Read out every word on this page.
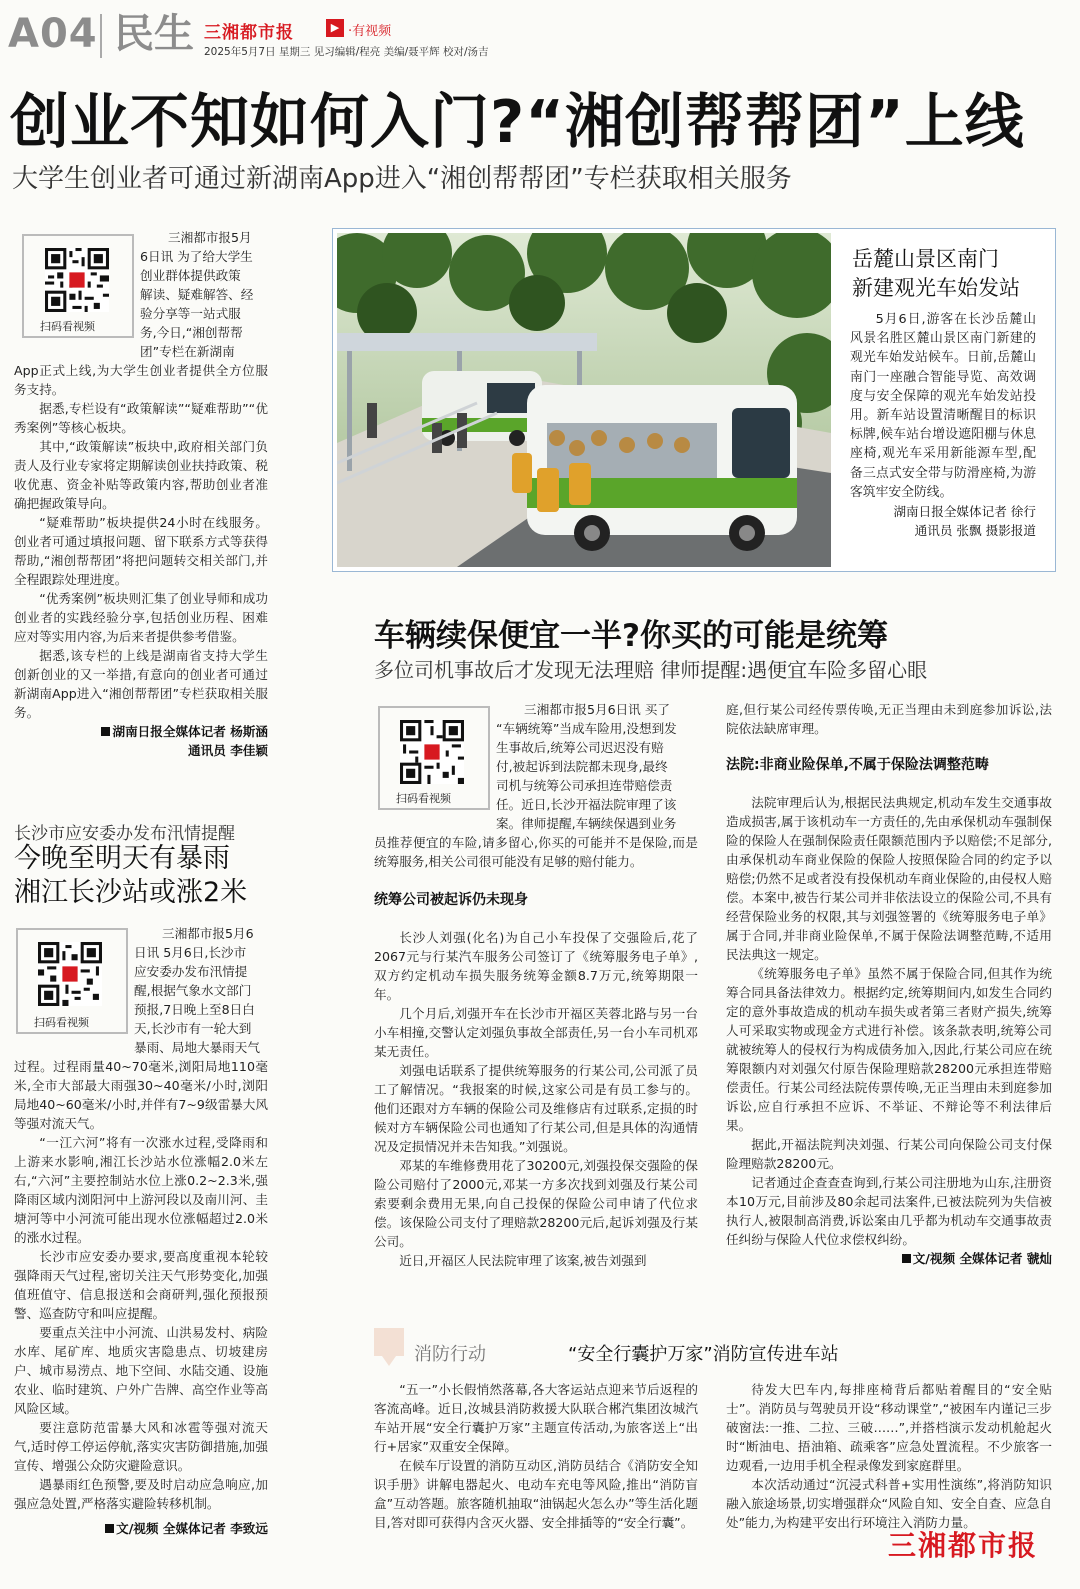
A04 民生 三湘都市报	▶ ·有视频
2025年5月7日 星期三 见习编辑/程亮 美编/聂平辉 校对/汤吉
创业不知如何入门?“湘创帮帮团”上线
大学生创业者可通过新湖南App进入“湘创帮帮团”专栏获取相关服务
扫码看视频
三湘都市报5月
6日讯 为了给大学生
创业群体提供政策
解读、疑难解答、经
验分享等一站式服
务,今日,“湘创帮帮
团”专栏在新湖南
App正式上线,为大学生创业者提供全方位服务支持。

据悉,专栏设有“政策解读”“疑难帮助”“优秀案例”等核心板块。

其中,“政策解读”板块中,政府相关部门负责人及行业专家将定期解读创业扶持政策、税收优惠、资金补贴等政策内容,帮助创业者准确把握政策导向。

“疑难帮助”板块提供24小时在线服务。创业者可通过填报问题、留下联系方式等获得帮助,“湘创帮帮团”将把问题转交相关部门,并全程跟踪处理进度。

“优秀案例”板块则汇集了创业导师和成功创业者的实践经验分享,包括创业历程、困难应对等实用内容,为后来者提供参考借鉴。

据悉,该专栏的上线是湖南省支持大学生创新创业的又一举措,有意向的创业者可通过新湖南App进入“湘创帮帮团”专栏获取相关服务。

湖南日报全媒体记者 杨斯涵
通讯员 李佳颖
岳麓山景区南门
新建观光车始发站

5月6日,游客在长沙岳麓山风景名胜区麓山景区南门新建的观光车始发站候车。日前,岳麓山南门一座融合智能导览、高效调度与安全保障的观光车始发站投用。新车站设置清晰醒目的标识标牌,候车站台增设遮阳棚与休息座椅,观光车采用新能源车型,配备三点式安全带与防滑座椅,为游客筑牢安全防线。

湖南日报全媒体记者 徐行
通讯员 张飘 摄影报道
长沙市应安委办发布汛情提醒
今晚至明天有暴雨
湘江长沙站或涨2米
扫码看视频
三湘都市报5月6
日讯 5月6日,长沙市
应安委办发布汛情提
醒,根据气象水文部门
预报,7日晚上至8日白
天,长沙市有一轮大到
暴雨、局地大暴雨天气
过程。过程雨量40~70毫米,浏阳局地110毫米,全市大部最大雨强30~40毫米/小时,浏阳局地40~60毫米/小时,并伴有7~9级雷暴大风等强对流天气。

“一江六河”将有一次涨水过程,受降雨和上游来水影响,湘江长沙站水位涨幅2.0米左右,“六河”主要控制站水位上涨0.2~2.3米,强降雨区域内浏阳河中上游河段以及南川河、圭塘河等中小河流可能出现水位涨幅超过2.0米的涨水过程。

长沙市应安委办要求,要高度重视本轮较强降雨天气过程,密切关注天气形势变化,加强值班值守、信息报送和会商研判,强化预报预警、巡查防守和叫应提醒。

要重点关注中小河流、山洪易发村、病险水库、尾矿库、地质灾害隐患点、切坡建房户、城市易涝点、地下空间、水陆交通、设施农业、临时建筑、户外广告牌、高空作业等高风险区域。

要注意防范雷暴大风和冰雹等强对流天气,适时停工停运停航,落实灾害防御措施,加强宣传、增强公众防灾避险意识。

遇暴雨红色预警,要及时启动应急响应,加强应急处置,严格落实避险转移机制。

文/视频 全媒体记者 李致远
车辆续保便宜一半?你买的可能是统筹
多位司机事故后才发现无法理赔 律师提醒:遇便宜车险多留心眼
扫码看视频
三湘都市报5月6日讯 买了
“车辆统筹”当成车险用,没想到发
生事故后,统筹公司迟迟没有赔
付,被起诉到法院都未现身,最终
司机与统筹公司承担连带赔偿责
任。近日,长沙开福法院审理了该
案。律师提醒,车辆续保遇到业务
员推荐便宜的车险,请多留心,你买的可能并不是保险,而是统筹服务,相关公司很可能没有足够的赔付能力。
统筹公司被起诉仍未现身

长沙人刘强(化名)为自己小车投保了交强险后,花了2067元与行某汽车服务公司签订了《统筹服务电子单》,双方约定机动车损失服务统筹金额8.7万元,统筹期限一年。

几个月后,刘强开车在长沙市开福区芙蓉北路与另一台小车相撞,交警认定刘强负事故全部责任,另一台小车司机邓某无责任。

刘强电话联系了提供统筹服务的行某公司,公司派了员工了解情况。“我报案的时候,这家公司是有员工参与的。他们还跟对方车辆的保险公司及维修店有过联系,定损的时候对方车辆保险公司也通知了行某公司,但是具体的沟通情况及定损情况并未告知我。”刘强说。

邓某的车维修费用花了30200元,刘强投保交强险的保险公司赔付了2000元,邓某一方多次找到刘强及行某公司索要剩余费用无果,向自己投保的保险公司申请了代位求偿。该保险公司支付了理赔款28200元后,起诉刘强及行某公司。

近日,开福区人民法院审理了该案,被告刘强到

庭,但行某公司经传票传唤,无正当理由未到庭参加诉讼,法院依法缺席审理。
法院:非商业险保单,不属于保险法调整范畴

法院审理后认为,根据民法典规定,机动车发生交通事故造成损害,属于该机动车一方责任的,先由承保机动车强制保险的保险人在强制保险责任限额范围内予以赔偿;不足部分,由承保机动车商业保险的保险人按照保险合同的约定予以赔偿;仍然不足或者没有投保机动车商业保险的,由侵权人赔偿。本案中,被告行某公司并非依法设立的保险公司,不具有经营保险业务的权限,其与刘强签署的《统筹服务电子单》属于合同,并非商业险保单,不属于保险法调整范畴,不适用民法典这一规定。

《统筹服务电子单》虽然不属于保险合同,但其作为统筹合同具备法律效力。根据约定,统筹期间内,如发生合同约定的意外事故造成的机动车损失或者第三者财产损失,统筹人可采取实物或现金方式进行补偿。该条款表明,统筹公司就被统筹人的侵权行为构成债务加入,因此,行某公司应在统筹限额内对刘强欠付原告保险理赔款28200元承担连带赔偿责任。行某公司经法院传票传唤,无正当理由未到庭参加诉讼,应自行承担不应诉、不举证、不辩论等不利法律后果。

据此,开福法院判决刘强、行某公司向保险公司支付保险理赔款28200元。

记者通过企查查查询到,行某公司注册地为山东,注册资本10万元,目前涉及80余起司法案件,已被法院列为失信被执行人,被限制高消费,诉讼案由几乎都为机动车交通事故责任纠纷与保险人代位求偿权纠纷。

文/视频 全媒体记者 虢灿
消防行动	“安全行囊护万家”消防宣传进车站

“五一”小长假悄然落幕,各大客运站点迎来节后返程的客流高峰。近日,汝城县消防救援大队联合郴汽集团汝城汽车站开展“安全行囊护万家”主题宣传活动,为旅客送上“出行+居家”双重安全保障。

在候车厅设置的消防互动区,消防员结合《消防安全知识手册》讲解电器起火、电动车充电等风险,推出“消防盲盒”互动答题。旅客随机抽取“油锅起火怎么办”等生活化题目,答对即可获得内含灭火器、安全排插等的“安全行囊”。

待发大巴车内,每排座椅背后都贴着醒目的“安全贴士”。消防员与驾驶员开设“移动课堂”,“被困车内谨记三步破窗法:一推、二拉、三破……”,并搭档演示发动机舱起火时“断油电、捂油箱、疏乘客”应急处置流程。不少旅客一边观看,一边用手机全程录像发到家庭群里。

本次活动通过“沉浸式科普+实用性演练”,将消防知识融入旅途场景,切实增强群众“风险自知、安全自查、应急自处”能力,为构建平安出行环境注入消防力量。

三湘都市报
